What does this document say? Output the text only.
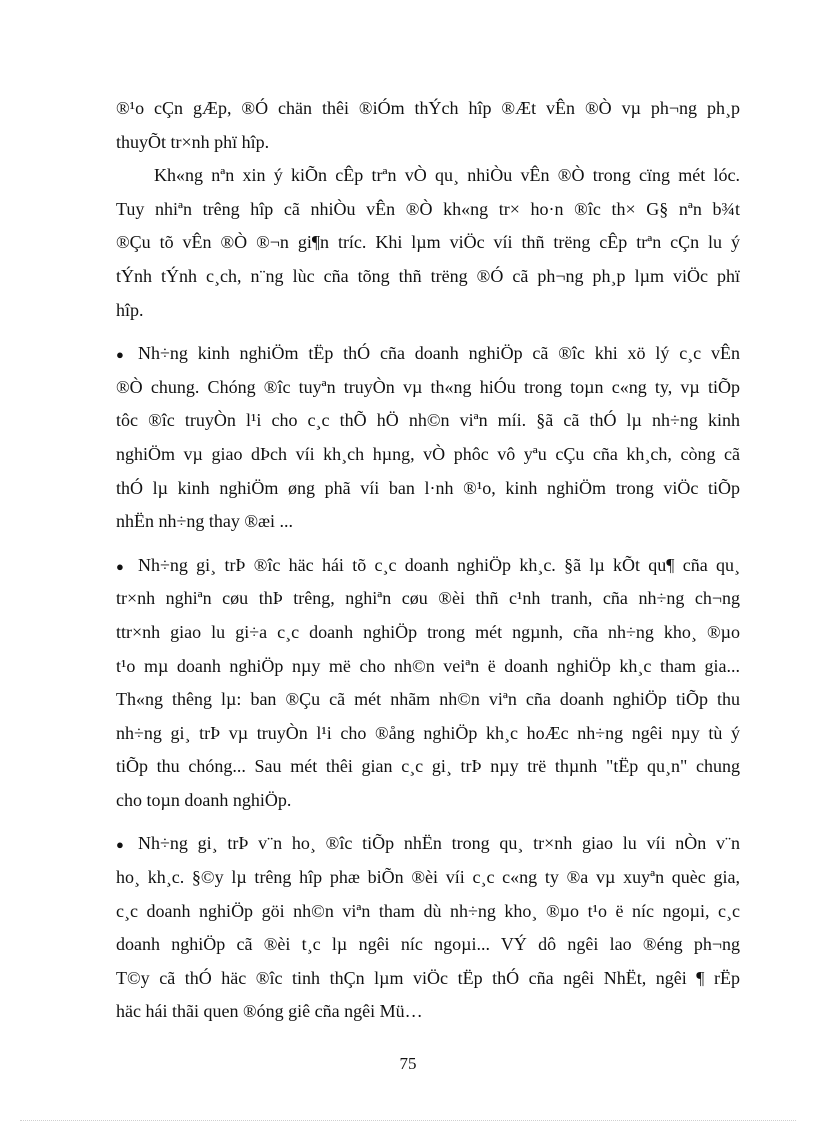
®¹o cÇn gÆp, ®Ó chän thêi ®iÓm thÝch hîp ®Æt vÊn ®Ò vµ ph¬ng ph¸p
thuyÕt tr×nh phï hîp.
Kh«ng nªn xin ý kiÕn cÊp trªn vÒ qu¸ nhiÒu vÊn ®Ò trong cïng mét lóc.
Tuy nhiªn trêng hîp cã nhiÒu vÊn ®Ò kh«ng tr× ho·n ®îc th× G§ nªn b¾t
®Çu tõ vÊn ®Ò ®¬n gi¶n tríc. Khi lµm viÖc víi thñ trëng cÊp trªn cÇn lu ý
tÝnh tÝnh c¸ch, n¨ng lùc cña tõng thñ trëng ®Ó cã ph¬ng ph¸p lµm viÖc phï
hîp.
● Nh÷ng kinh nghiÖm tËp thÓ cña doanh nghiÖp cã ®îc khi xö lý c¸c vÊn
®Ò chung. Chóng ®îc tuyªn truyÒn vµ th«ng hiÓu trong toµn c«ng ty, vµ tiÕp
tôc ®îc truyÒn l¹i cho c¸c thÕ hÖ nh©n viªn míi. §ã cã thÓ lµ nh÷ng kinh
nghiÖm vµ giao dÞch víi kh¸ch hµng, vÒ phôc vô yªu cÇu cña kh¸ch, còng cã
thÓ lµ kinh nghiÖm øng phã víi ban l·nh ®¹o, kinh nghiÖm trong viÖc tiÕp
nhËn nh÷ng thay ®æi ...
● Nh÷ng gi¸ trÞ ®îc häc hái tõ c¸c doanh nghiÖp kh¸c. §ã lµ kÕt qu¶ cña qu¸
tr×nh nghiªn cøu thÞ trêng, nghiªn cøu ®èi thñ c¹nh tranh, cña nh÷ng ch¬ng
ttr×nh giao lu gi÷a c¸c doanh nghiÖp trong mét ngµnh, cña nh÷ng kho¸ ®µo
t¹o mµ doanh nghiÖp nµy më cho nh©n veiªn ë doanh nghiÖp kh¸c tham gia...
Th«ng thêng lµ: ban ®Çu cã mét nhãm nh©n viªn cña doanh nghiÖp tiÕp thu
nh÷ng gi¸ trÞ vµ truyÒn l¹i cho ®ång nghiÖp kh¸c hoÆc nh÷ng ngêi nµy tù ý
tiÕp thu chóng... Sau mét thêi gian c¸c gi¸ trÞ nµy trë thµnh "tËp qu¸n" chung
cho toµn doanh nghiÖp.
● Nh÷ng gi¸ trÞ v¨n ho¸ ®îc tiÕp nhËn trong qu¸ tr×nh giao lu víi nÒn v¨n
ho¸ kh¸c. §©y lµ trêng hîp phæ biÕn ®èi víi c¸c c«ng ty ®a vµ xuyªn quèc gia,
c¸c doanh nghiÖp göi nh©n viªn tham dù nh÷ng kho¸ ®µo t¹o ë níc ngoµi, c¸c
doanh nghiÖp cã ®èi t¸c lµ ngêi níc ngoµi... VÝ dô ngêi lao ®éng ph¬ng
T©y cã thÓ häc ®îc tinh thÇn lµm viÖc tËp thÓ cña ngêi NhËt, ngêi ¶ rËp
häc hái thãi quen ®óng giê cña ngêi Mü…
75
